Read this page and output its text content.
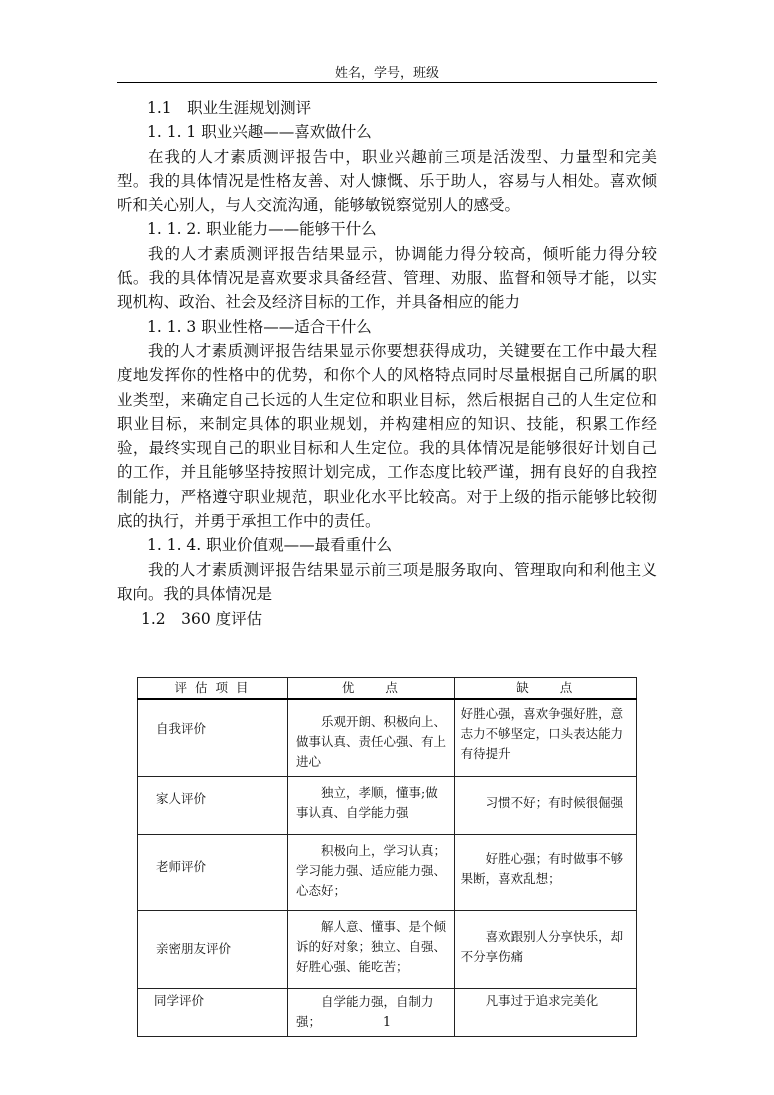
姓名，学号，班级

1.1　职业生涯规划测评

1. 1. 1 职业兴趣——喜欢做什么

在我的人才素质测评报告中，职业兴趣前三项是活泼型、力量型和完美型。我的具体情况是性格友善、对人慷慨、乐于助人，容易与人相处。喜欢倾听和关心别人，与人交流沟通，能够敏锐察觉别人的感受。

1. 1. 2. 职业能力——能够干什么

我的人才素质测评报告结果显示，协调能力得分较高，倾听能力得分较低。我的具体情况是喜欢要求具备经营、管理、劝服、监督和领导才能，以实现机构、政治、社会及经济目标的工作，并具备相应的能力

1. 1. 3 职业性格——适合干什么

我的人才素质测评报告结果显示你要想获得成功，关键要在工作中最大程度地发挥你的性格中的优势，和你个人的风格特点同时尽量根据自己所属的职业类型，来确定自己长远的人生定位和职业目标，然后根据自己的人生定位和职业目标，来制定具体的职业规划，并构建相应的知识、技能，积累工作经验，最终实现自己的职业目标和人生定位。我的具体情况是能够很好计划自己的工作，并且能够坚持按照计划完成，工作态度比较严谨，拥有良好的自我控制能力，严格遵守职业规范，职业化水平比较高。对于上级的指示能够比较彻底的执行，并勇于承担工作中的责任。

1. 1. 4. 职业价值观——最看重什么

我的人才素质测评报告结果显示前三项是服务取向、管理取向和利他主义取向。我的具体情况是

1.2　360 度评估

评 估 项 目	优　　点	缺　　点
自我评价	乐观开朗、积极向上、做事认真、责任心强、有上进心	好胜心强，喜欢争强好胜，意志力不够坚定，口头表达能力有待提升
家人评价	独立，孝顺，懂事;做事认真、自学能力强	习惯不好；有时候很倔强
老师评价	积极向上，学习认真；学习能力强、适应能力强、心态好；	好胜心强；有时做事不够果断，喜欢乱想；
亲密朋友评价	解人意、懂事、是个倾诉的好对象；独立、自强、好胜心强、能吃苦；	喜欢跟别人分享快乐，却不分享伤痛
同学评价	自学能力强，自制力强；	凡事过于追求完美化
1
